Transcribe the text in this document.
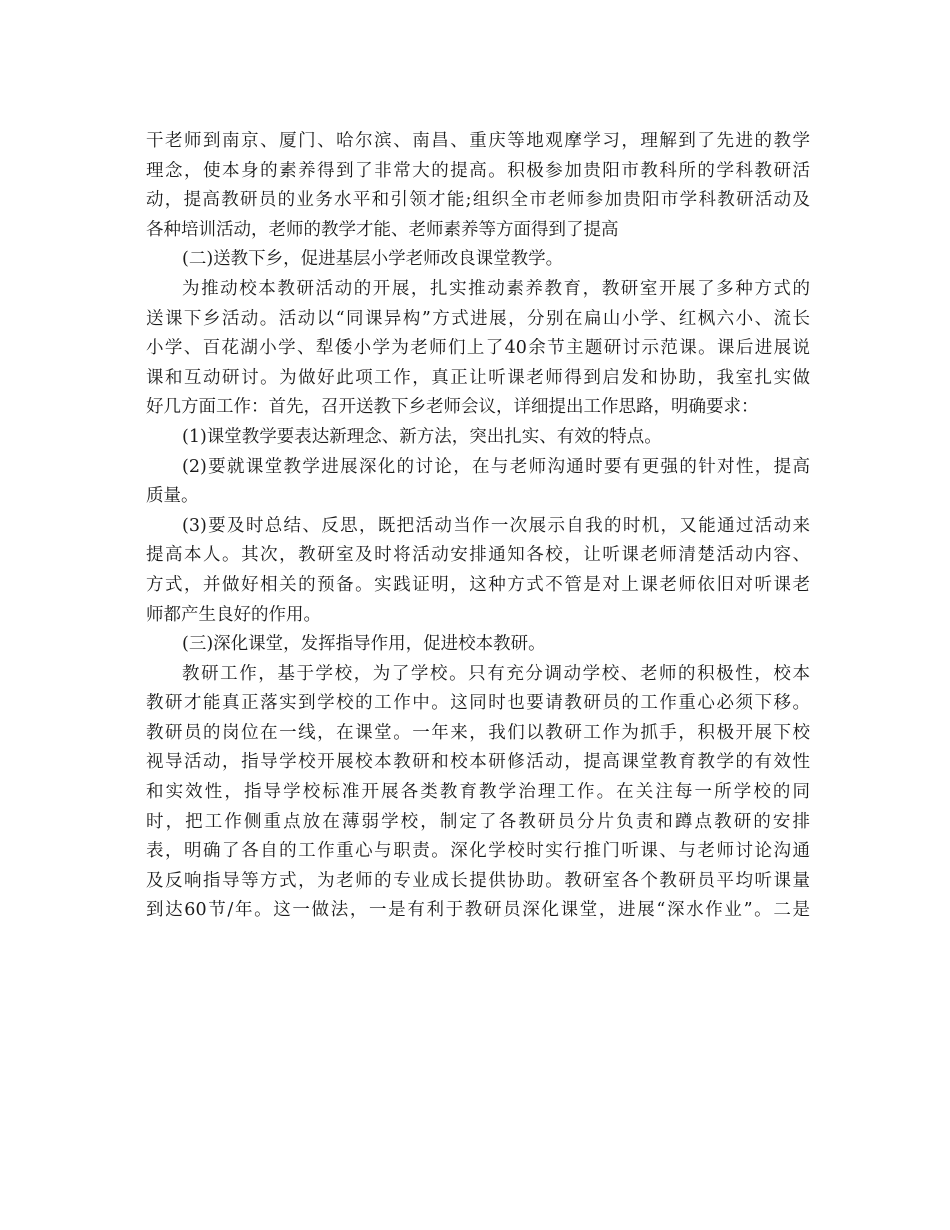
干老师到南京、厦门、哈尔滨、南昌、重庆等地观摩学习，理解到了先进的教学
理念，使本身的素养得到了非常大的提高。积极参加贵阳市教科所的学科教研活
动，提高教研员的业务水平和引领才能;组织全市老师参加贵阳市学科教研活动及
各种培训活动，老师的教学才能、老师素养等方面得到了提高
(二)送教下乡，促进基层小学老师改良课堂教学。
为推动校本教研活动的开展，扎实推动素养教育，教研室开展了多种方式的
送课下乡活动。活动以“同课异构”方式进展，分别在扁山小学、红枫六小、流长
小学、百花湖小学、犁倭小学为老师们上了40余节主题研讨示范课。课后进展说
课和互动研讨。为做好此项工作，真正让听课老师得到启发和协助，我室扎实做
好几方面工作：首先，召开送教下乡老师会议，详细提出工作思路，明确要求：
(1)课堂教学要表达新理念、新方法，突出扎实、有效的特点。
(2)要就课堂教学进展深化的讨论，在与老师沟通时要有更强的针对性，提高
质量。
(3)要及时总结、反思，既把活动当作一次展示自我的时机，又能通过活动来
提高本人。其次，教研室及时将活动安排通知各校，让听课老师清楚活动内容、
方式，并做好相关的预备。实践证明，这种方式不管是对上课老师依旧对听课老
师都产生良好的作用。
(三)深化课堂，发挥指导作用，促进校本教研。
教研工作，基于学校，为了学校。只有充分调动学校、老师的积极性，校本
教研才能真正落实到学校的工作中。这同时也要请教研员的工作重心必须下移。
教研员的岗位在一线，在课堂。一年来，我们以教研工作为抓手，积极开展下校
视导活动，指导学校开展校本教研和校本研修活动，提高课堂教育教学的有效性
和实效性，指导学校标准开展各类教育教学治理工作。在关注每一所学校的同
时，把工作侧重点放在薄弱学校，制定了各教研员分片负责和蹲点教研的安排
表，明确了各自的工作重心与职责。深化学校时实行推门听课、与老师讨论沟通
及反响指导等方式，为老师的专业成长提供协助。教研室各个教研员平均听课量
到达60节/年。这一做法，一是有利于教研员深化课堂，进展“深水作业”。二是
